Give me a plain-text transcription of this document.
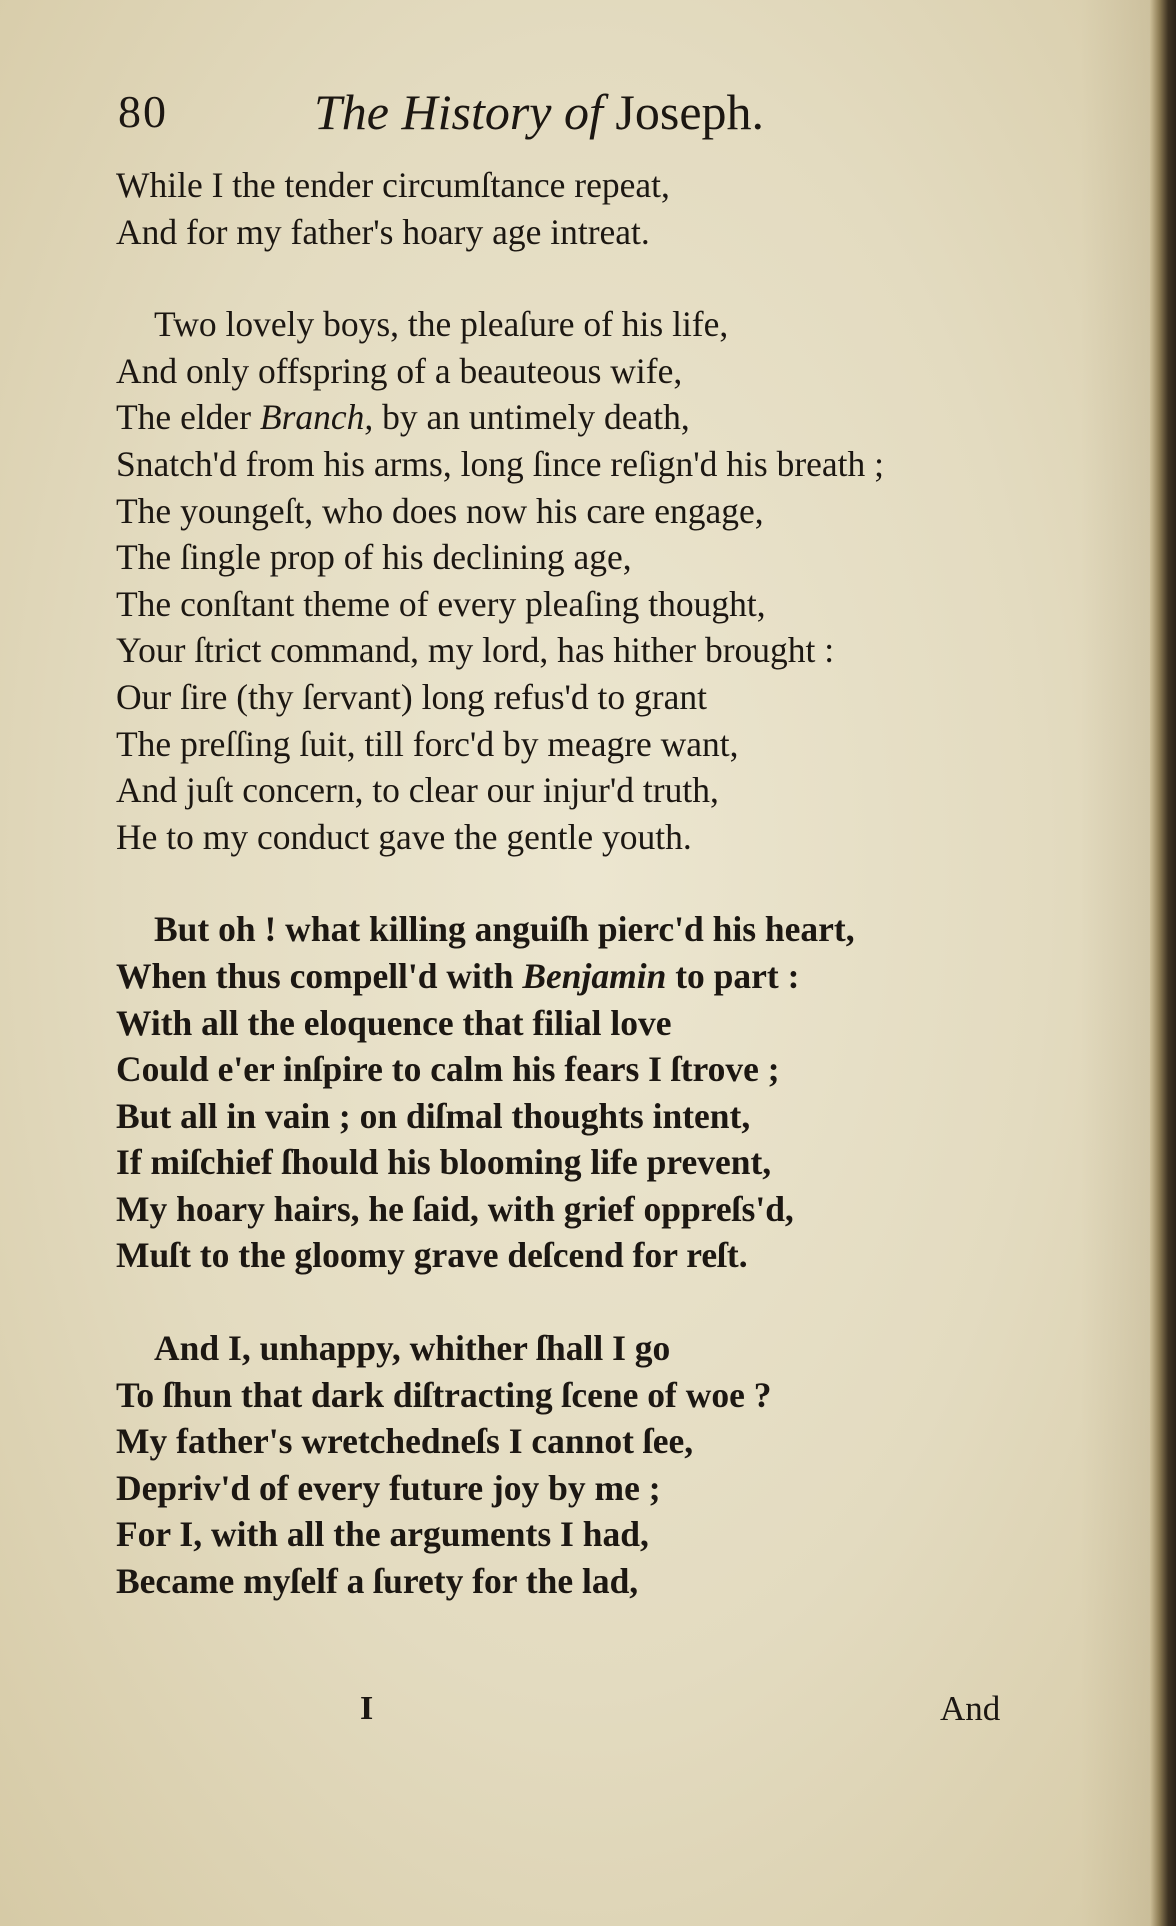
80	The History of Joseph.
While I the tender circumſtance repeat,
And for my father's hoary age intreat.
Two lovely boys, the pleaſure of his life,
And only offspring of a beauteous wife,
The elder Branch, by an untimely death,
Snatch'd from his arms, long ſince reſign'd his breath ;
The youngeſt, who does now his care engage,
The ſingle prop of his declining age,
The conſtant theme of every pleaſing thought,
Your ſtrict command, my lord, has hither brought :
Our ſire (thy ſervant) long refus'd to grant
The preſſing ſuit, till forc'd by meagre want,
And juſt concern, to clear our injur'd truth,
He to my conduct gave the gentle youth.
But oh ! what killing anguiſh pierc'd his heart,
When thus compell'd with Benjamin to part :
With all the eloquence that filial love
Could e'er inſpire to calm his fears I ſtrove ;
But all in vain ; on diſmal thoughts intent,
If miſchief ſhould his blooming life prevent,
My hoary hairs, he ſaid, with grief oppreſs'd,
Muſt to the gloomy grave deſcend for reſt.
And I, unhappy, whither ſhall I go
To ſhun that dark diſtracting ſcene of woe ?
My father's wretchedneſs I cannot ſee,
Depriv'd of every future joy by me ;
For I, with all the arguments I had,
Became myſelf a ſurety for the lad,
I	And
